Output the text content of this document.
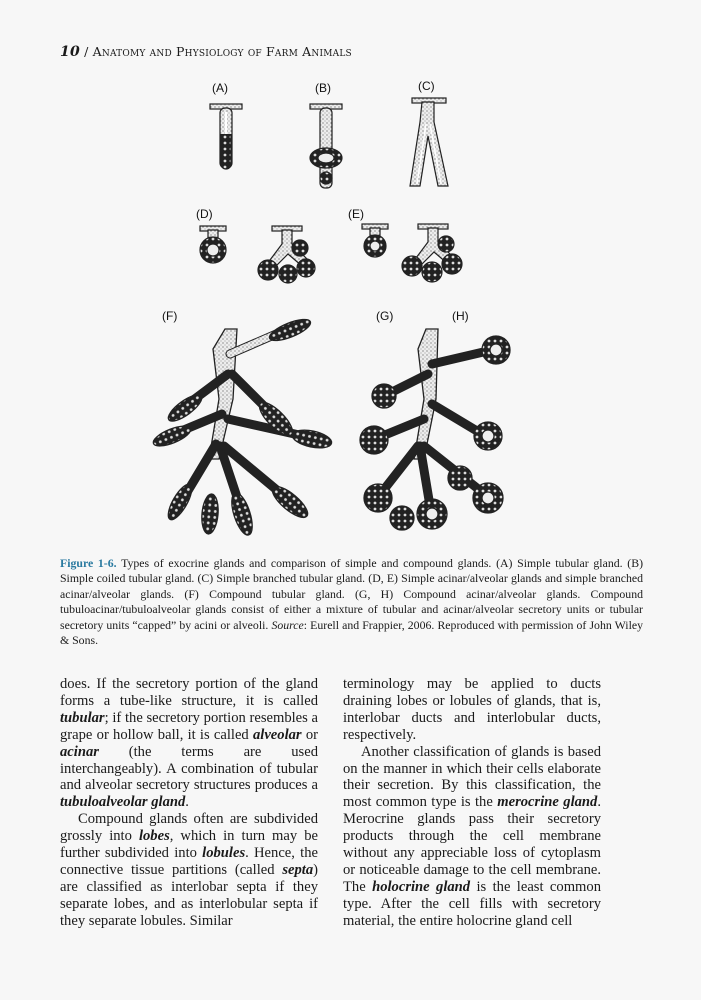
10 / Anatomy and Physiology of Farm Animals
(A)	(B)	(C)
(D)	(E)
(F)	(G)	(H)
Figure 1-6. Types of exocrine glands and comparison of simple and compound glands. (A) Simple tubular gland. (B) Simple coiled tubular gland. (C) Simple branched tubular gland. (D, E) Simple acinar/alveolar glands and simple branched acinar/alveolar glands. (F) Compound tubular gland. (G, H) Compound acinar/alveolar glands. Compound tubuloacinar/tubuloalveolar glands consist of either a mixture of tubular and acinar/alveolar secretory units or tubular secretory units “capped” by acini or alveoli. Source: Eurell and Frappier, 2006. Reproduced with permission of John Wiley & Sons.

does. If the secretory portion of the gland forms a tube-like structure, it is called tubular; if the secretory portion resembles a grape or hollow ball, it is called alveolar or acinar (the terms are used interchangeably). A combination of tubular and alveolar secretory structures produces a tubuloalveolar gland.

Compound glands often are subdivided grossly into lobes, which in turn may be further subdivided into lobules. Hence, the connective tissue partitions (called septa) are classified as interlobar septa if they separate lobes, and as interlobular septa if they separate lobules. Similar

terminology may be applied to ducts draining lobes or lobules of glands, that is, interlobar ducts and interlobular ducts, respectively.

Another classification of glands is based on the manner in which their cells elaborate their secretion. By this classification, the most common type is the merocrine gland. Merocrine glands pass their secretory products through the cell membrane without any appreciable loss of cytoplasm or noticeable damage to the cell membrane. The holocrine gland is the least common type. After the cell fills with secretory material, the entire holocrine gland cell
